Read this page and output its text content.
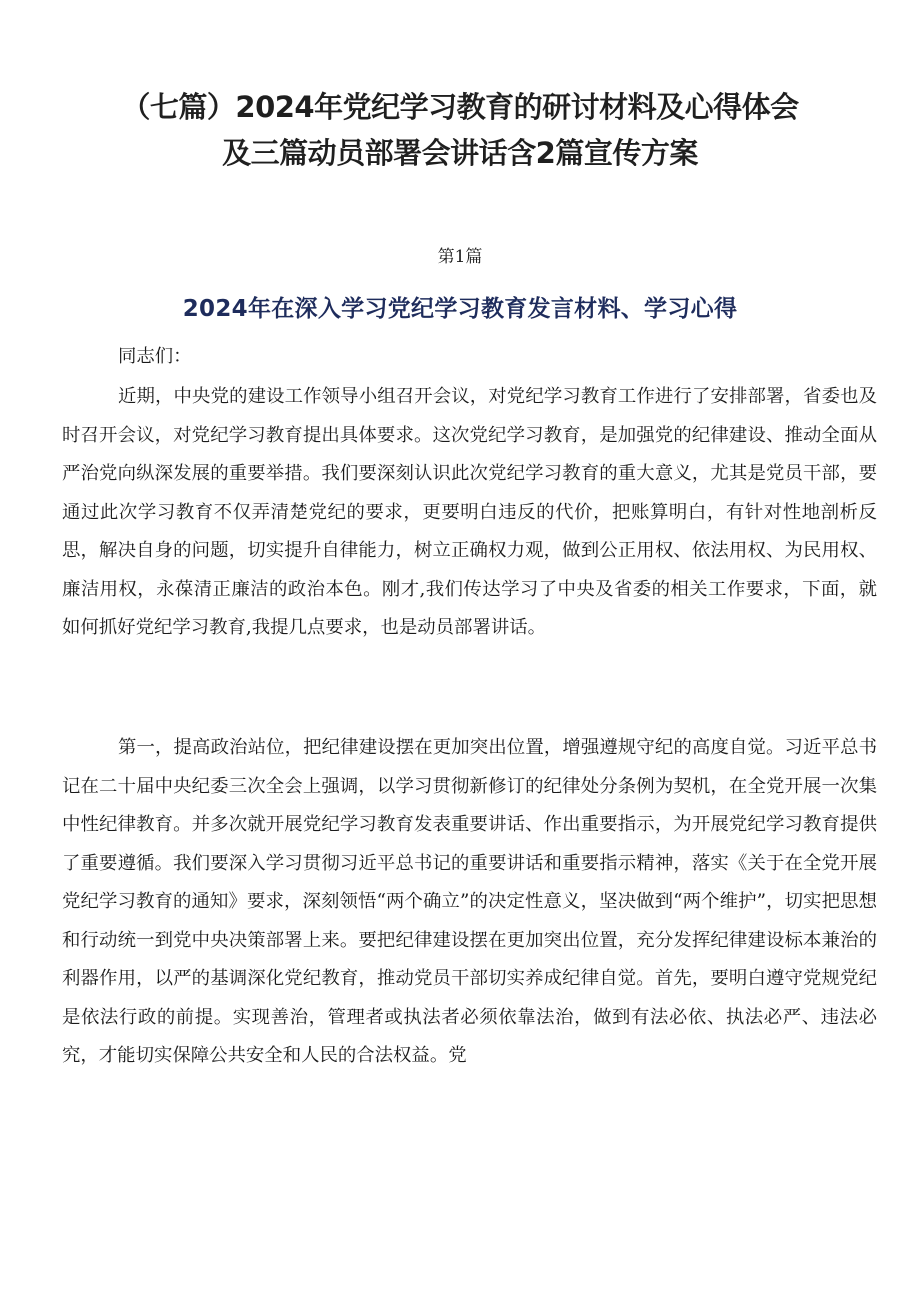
（七篇）2024年党纪学习教育的研讨材料及心得体会
及三篇动员部署会讲话含2篇宣传方案

第1篇

2024年在深入学习党纪学习教育发言材料、学习心得

同志们：

近期，中央党的建设工作领导小组召开会议，对党纪学习教育工作进行了安排部署，省委也及时召开会议，对党纪学习教育提出具体要求。这次党纪学习教育，是加强党的纪律建设、推动全面从严治党向纵深发展的重要举措。我们要深刻认识此次党纪学习教育的重大意义，尤其是党员干部，要通过此次学习教育不仅弄清楚党纪的要求，更要明白违反的代价，把账算明白，有针对性地剖析反思，解决自身的问题，切实提升自律能力，树立正确权力观，做到公正用权、依法用权、为民用权、廉洁用权，永葆清正廉洁的政治本色。刚才,我们传达学习了中央及省委的相关工作要求，下面，就如何抓好党纪学习教育,我提几点要求，也是动员部署讲话。

第一，提高政治站位，把纪律建设摆在更加突出位置，增强遵规守纪的高度自觉。习近平总书记在二十届中央纪委三次全会上强调，以学习贯彻新修订的纪律处分条例为契机，在全党开展一次集中性纪律教育。并多次就开展党纪学习教育发表重要讲话、作出重要指示，为开展党纪学习教育提供了重要遵循。我们要深入学习贯彻习近平总书记的重要讲话和重要指示精神，落实《关于在全党开展党纪学习教育的通知》要求，深刻领悟“两个确立”的决定性意义，坚决做到“两个维护”，切实把思想和行动统一到党中央决策部署上来。要把纪律建设摆在更加突出位置，充分发挥纪律建设标本兼治的利器作用，以严的基调深化党纪教育，推动党员干部切实养成纪律自觉。首先，要明白遵守党规党纪是依法行政的前提。实现善治，管理者或执法者必须依靠法治，做到有法必依、执法必严、违法必究，才能切实保障公共安全和人民的合法权益。党
